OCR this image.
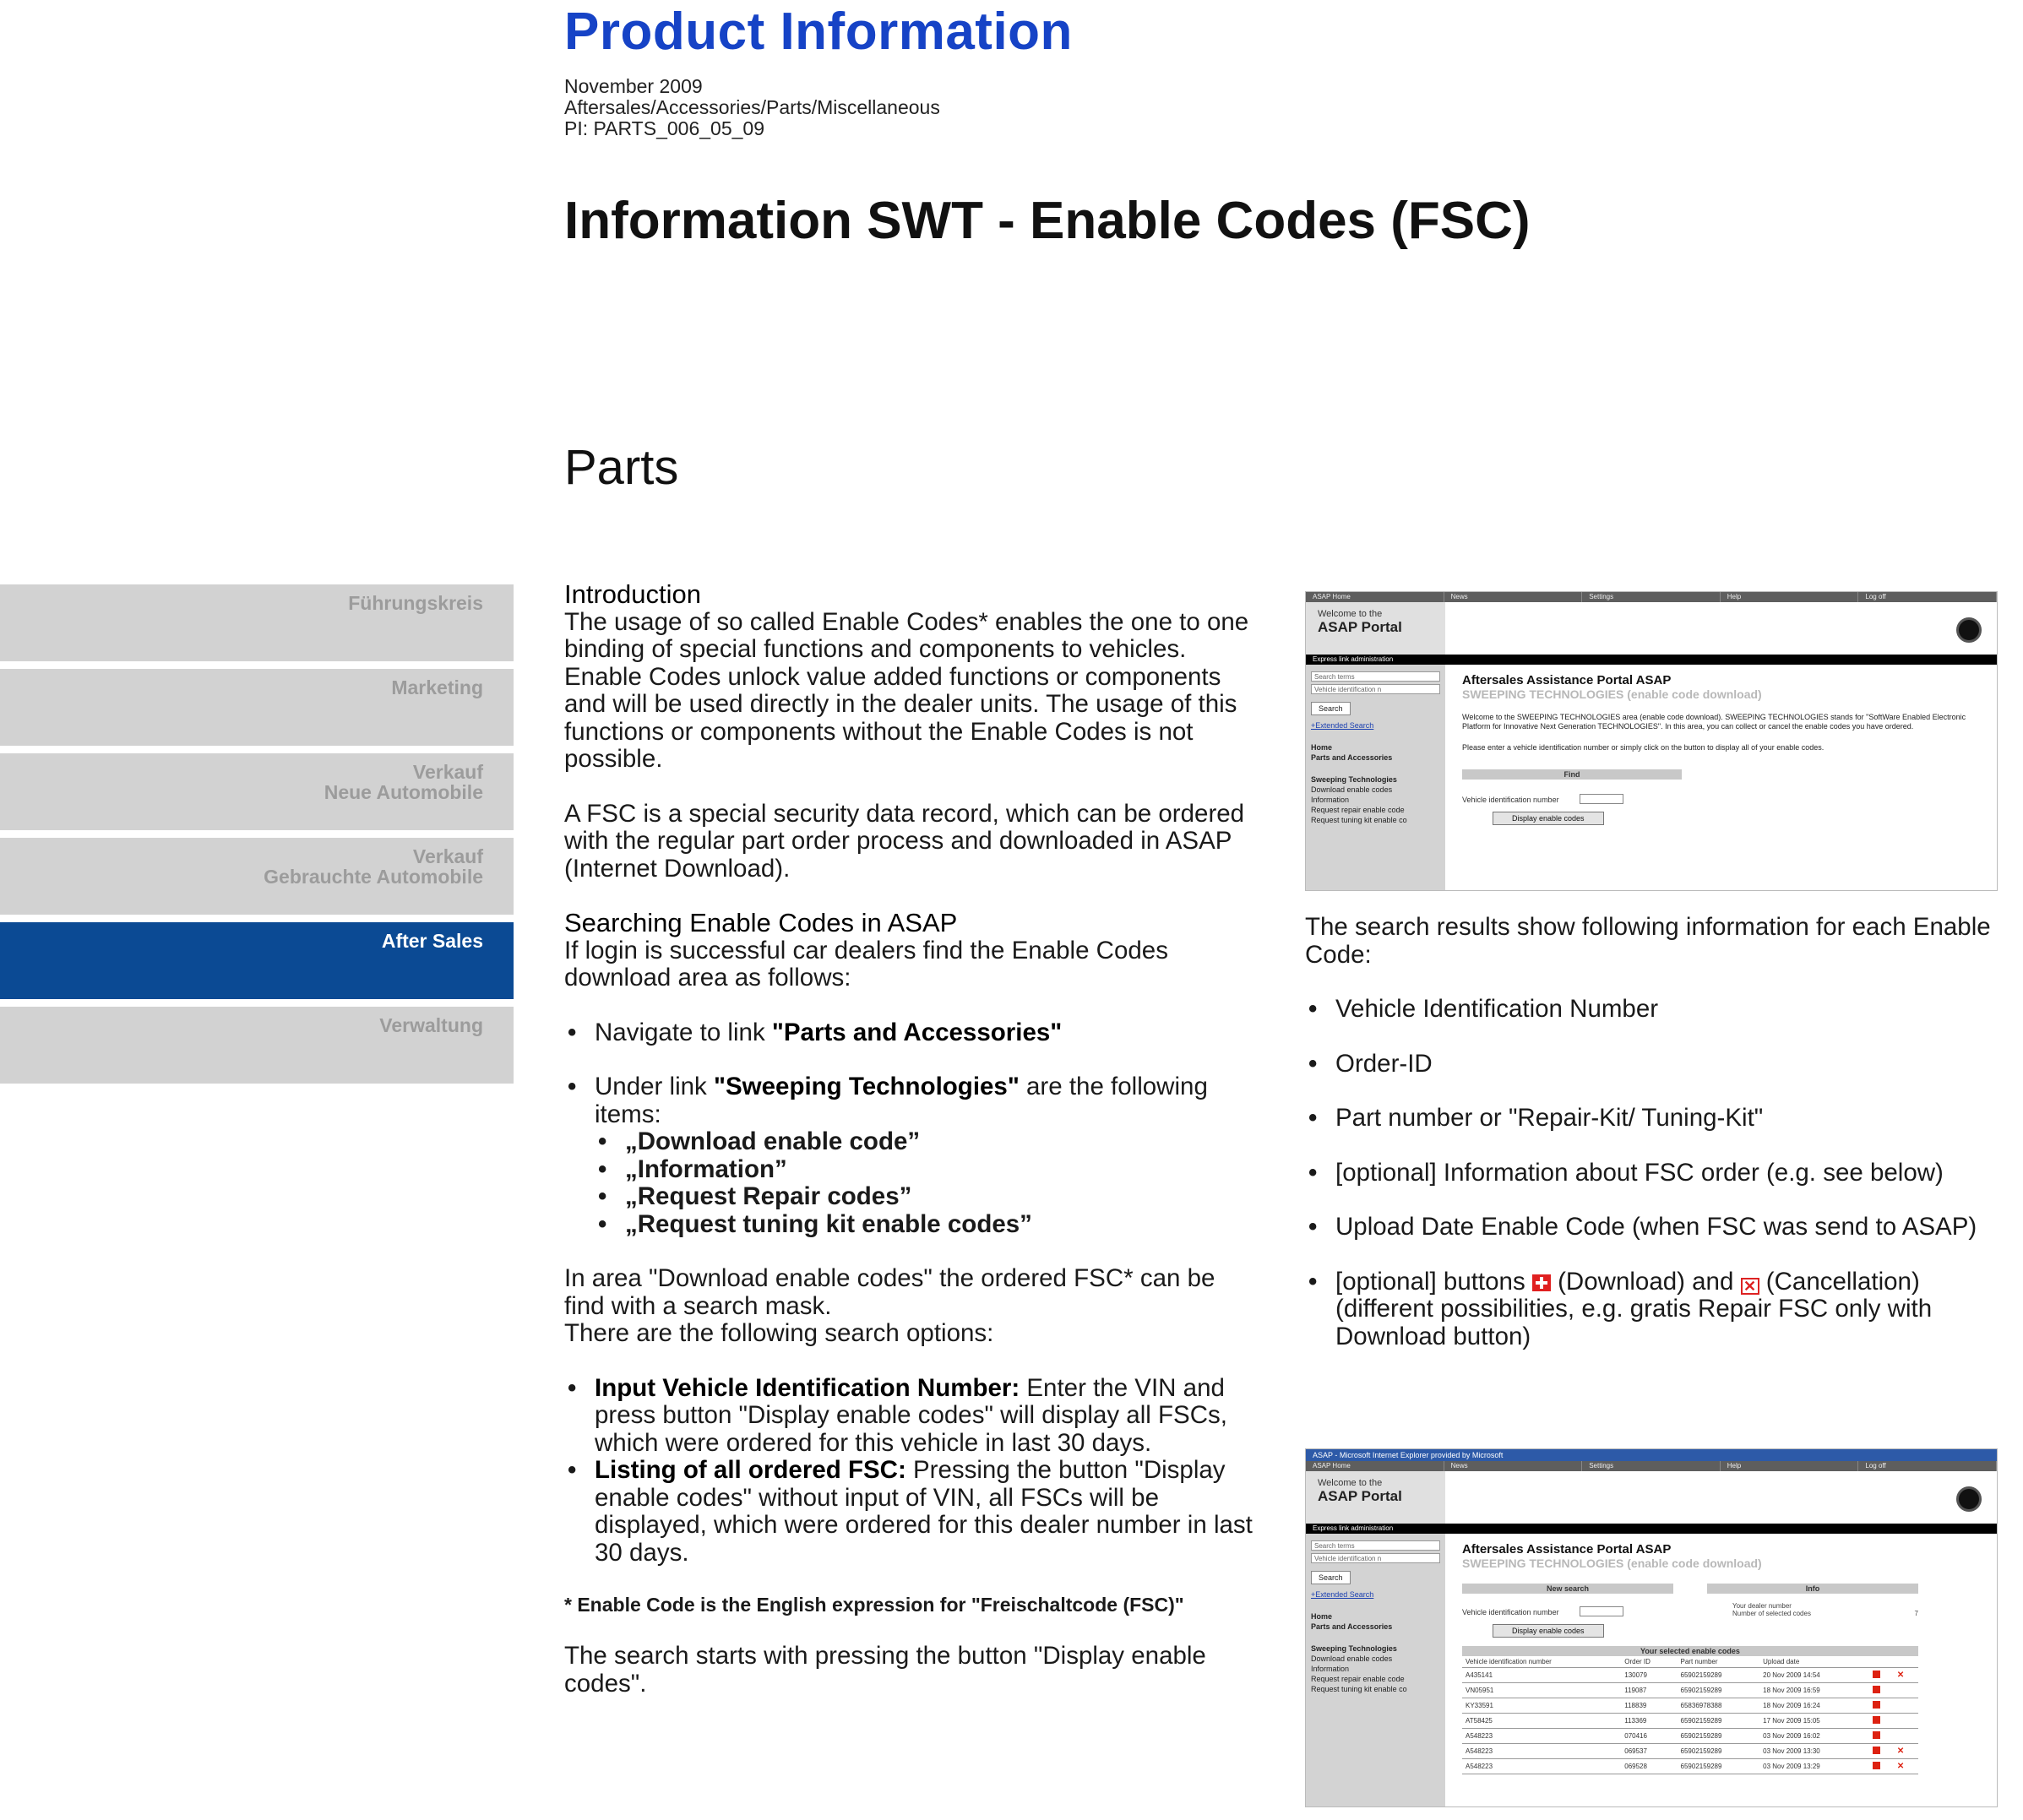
Product Information
November 2009
Aftersales/Accessories/Parts/Miscellaneous
PI: PARTS_006_05_09
Information SWT - Enable Codes (FSC)
Parts
Führungskreis
Marketing
Verkauf
Neue Automobile
Verkauf
Gebrauchte Automobile
After Sales
Verwaltung
Introduction

The usage of so called Enable Codes* enables the one to one binding of special functions and components to vehicles. Enable Codes unlock value added functions or components and will be used directly in the dealer units. The usage of this functions or components without the Enable Codes is not possible.

A FSC is a special security data record, which can be ordered with the regular part order process and downloaded in ASAP (Internet Download).

Searching Enable Codes in ASAP

If login is successful car dealers find the Enable Codes download area as follows:

• Navigate to link "Parts and Accessories"
• Under link "Sweeping Technologies" are the following items:
• „Download enable code”
• „Information”
• „Request Repair codes”
• „Request tuning kit enable codes”

In area "Download enable codes" the ordered FSC* can be find with a search mask.
There are the following search options:

• Input Vehicle Identification Number: Enter the VIN and press button "Display enable codes" will display all FSCs, which were ordered for this vehicle in last 30 days.
• Listing of all ordered FSC: Pressing the button "Display enable codes" without input of VIN, all FSCs will be displayed, which were ordered for this dealer number in last 30 days.
* Enable Code is the English expression for "Freischaltcode (FSC)"

The search starts with pressing the button "Display enable codes".

ASAP Home	News	Settings	Help	Log off
Welcome to the
ASAP Portal
Express link administration
Search terms
Vehicle identification n
Search
+Extended Search
Home
Parts and Accessories
Sweeping Technologies
Download enable codes
Information
Request repair enable code
Request tuning kit enable co
Aftersales Assistance Portal ASAP
SWEEPING TECHNOLOGIES (enable code download)
Welcome to the SWEEPING TECHNOLOGIES area (enable code download). SWEEPING TECHNOLOGIES stands for "SoftWare Enabled Electronic Platform for Innovative Next Generation TECHNOLOGIES". In this area, you can collect or cancel the enable codes you have ordered.
Please enter a vehicle identification number or simply click on the button to display all of your enable codes.
Find
Vehicle identification number
Display enable codes

The search results show following information for each Enable Code:

• Vehicle Identification Number
• Order-ID
• Part number or "Repair-Kit/ Tuning-Kit"
• [optional] Information about FSC order (e.g. see below)
• Upload Date Enable Code (when FSC was send to ASAP)
• [optional] buttons (Download) and ✕ (Cancellation) (different possibilities, e.g. gratis Repair FSC only with Download button)
ASAP - Microsoft Internet Explorer provided by Microsoft
ASAP Home	News	Settings	Help	Log off
Welcome to the
ASAP Portal
Express link administration
Search terms
Vehicle identification n
Search
+Extended Search
Home
Parts and Accessories
Sweeping Technologies
Download enable codes
Information
Request repair enable code
Request tuning kit enable co
Aftersales Assistance Portal ASAP
SWEEPING TECHNOLOGIES (enable code download)
New search
Vehicle identification number
Display enable codes
Info
Your dealer number
Number of selected codes	7
Your selected enable codes
Vehicle identification number	Order ID	Part number	Upload date		
A435141	130079	65902159289	20 Nov 2009 14:54		✕
VN05951	119087	65902159289	18 Nov 2009 16:59		
KY33591	118839	65836978388	18 Nov 2009 16:24		
AT58425	113369	65902159289	17 Nov 2009 15:05		
A548223	070416	65902159289	03 Nov 2009 16:02		
A548223	069537	65902159289	03 Nov 2009 13:30		✕
A548223	069528	65902159289	03 Nov 2009 13:29		✕
